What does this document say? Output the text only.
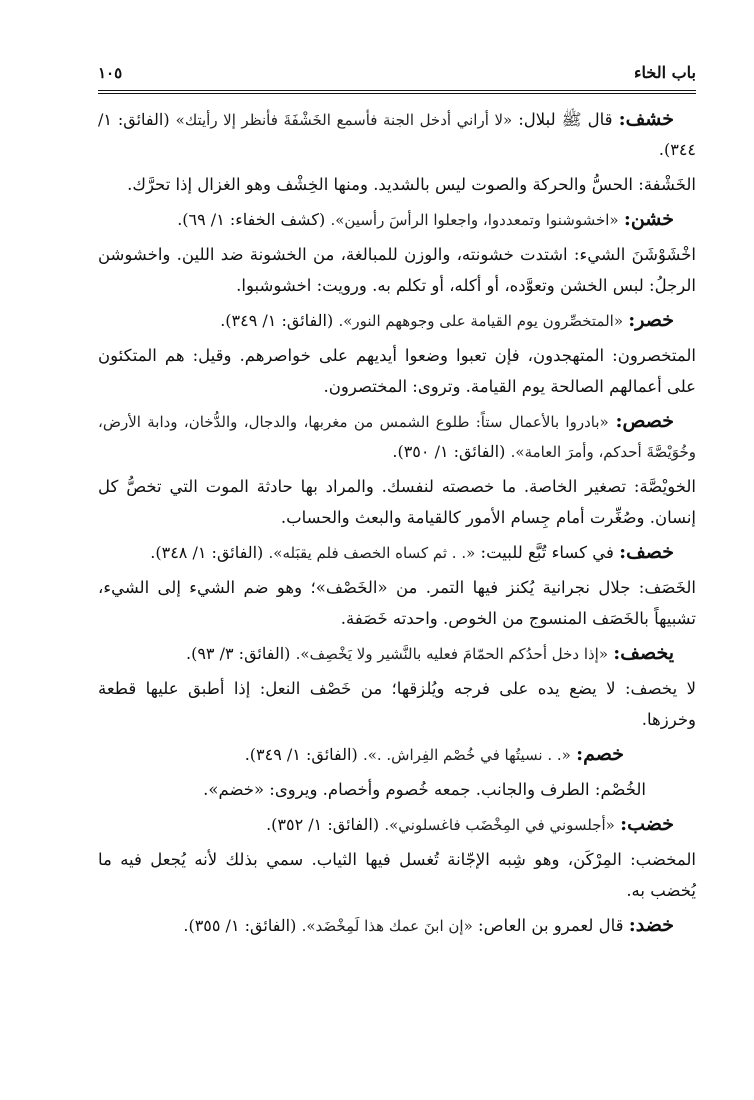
باب الخاء
١٠٥

خشف: قال ﷺ لبلال: «لا أراني أدخل الجنة فأسمع الخَشْفَةَ فأنظر إلا رأيتك» (الفائق: ١/ ٣٤٤).

الخَشْفة: الحسُّ والحركة والصوت ليس بالشديد. ومنها الخِشْف وهو الغزال إذا تحرَّك.

خشن: «اخشوشنوا وتمعددوا، واجعلوا الرأسَ رأسين». (كشف الخفاء: ١/ ٦٩).

اخْشَوْشَنَ الشيء: اشتدت خشونته، والوزن للمبالغة، من الخشونة ضد اللين. واخشوشن الرجلُ: لبس الخشن وتعوَّده، أو أكله، أو تكلم به. ورويت: اخشوشبوا.

خصر: «المتخصِّرون يوم القيامة على وجوههم النور». (الفائق: ١/ ٣٤٩).

المتخصرون: المتهجدون، فإن تعبوا وضعوا أيديهم على خواصرهم. وقيل: هم المتكئون على أعمالهم الصالحة يوم القيامة. وتروى: المختصرون.

خصص: «بادروا بالأعمال ستاً: طلوع الشمس من مغربها، والدجال، والدُّخان، ودابة الأرض، وخُوَيْصَّةَ أحدكم، وأمرَ العامة». (الفائق: ١/ ٣٥٠).

الخويْصَّة: تصغير الخاصة. ما خصصته لنفسك. والمراد بها حادثة الموت التي تخصُّ كل إنسان. وصُغِّرت أمام جِسام الأمور كالقيامة والبعث والحساب.

خصف: في كساء تُبَّع للبيت: «. . ثم كساه الخصف فلم يقبَله». (الفائق: ١/ ٣٤٨).

الخَصَف: جلال نجرانية يُكنز فيها التمر. من «الخَصْف»؛ وهو ضم الشيء إلى الشيء، تشبيهاً بالخَصَف المنسوج من الخوص. واحدته خَصَفة.

يخصف: «إذا دخل أحدُكم الحمّامَ فعليه بالنَّشير ولا يَخْصِف». (الفائق: ٣/ ٩٣).

لا يخصف: لا يضع يده على فرجه ويُلزقها؛ من خَصْف النعل: إذا أطبق عليها قطعة وخرزها.

خصم: «. . نسيتُها في خُصْم الفِراش. .». (الفائق: ١/ ٣٤٩).

الخُصْم: الطرف والجانب. جمعه خُصوم وأخصام. ويروى: «خضم».

خضب: «أجلسوني في المِخْضَب فاغسلوني». (الفائق: ١/ ٣٥٢).

المخضب: المِرْكَن، وهو شِبه الإجّانة تُغسل فيها الثياب. سمي بذلك لأنه يُجعل فيه ما يُخضب به.

خضد: قال لعمرو بن العاص: «إن ابنَ عمك هذا لَمِخْضَد». (الفائق: ١/ ٣٥٥).
